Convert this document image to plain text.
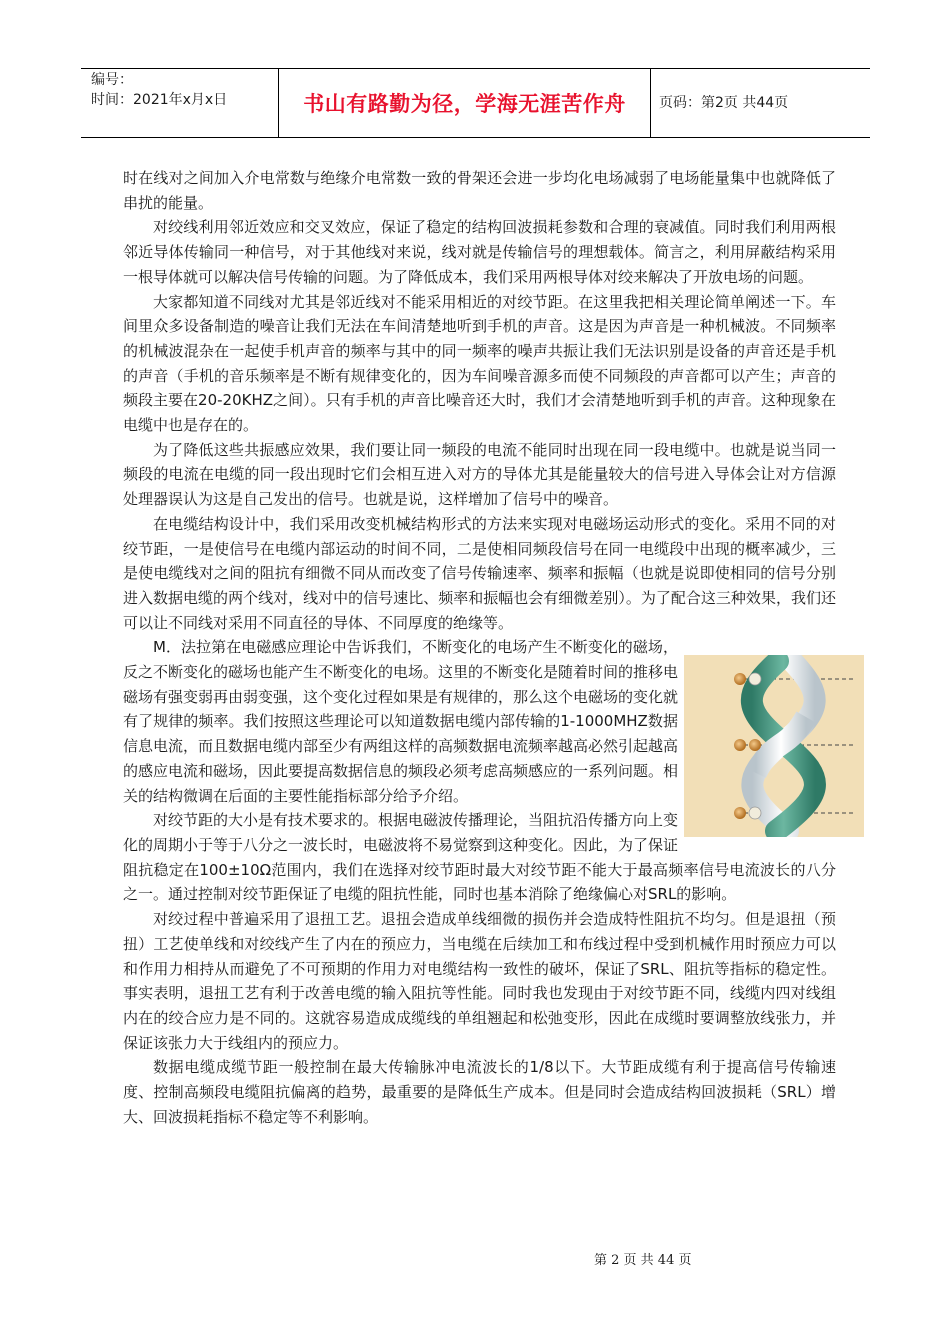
编号：
时间：2021年x月x日	书山有路勤为径，学海无涯苦作舟	页码：第2页 共44页

时在线对之间加入介电常数与绝缘介电常数一致的骨架还会进一步均化电场减弱了电场能量集中也就降低了串扰的能量。

对绞线利用邻近效应和交叉效应，保证了稳定的结构回波损耗参数和合理的衰减值。同时我们利用两根邻近导体传输同一种信号，对于其他线对来说，线对就是传输信号的理想载体。简言之，利用屏蔽结构采用一根导体就可以解决信号传输的问题。为了降低成本，我们采用两根导体对绞来解决了开放电场的问题。

大家都知道不同线对尤其是邻近线对不能采用相近的对绞节距。在这里我把相关理论简单阐述一下。车间里众多设备制造的噪音让我们无法在车间清楚地听到手机的声音。这是因为声音是一种机械波。不同频率的机械波混杂在一起使手机声音的频率与其中的同一频率的噪声共振让我们无法识别是设备的声音还是手机的声音（手机的音乐频率是不断有规律变化的，因为车间噪音源多而使不同频段的声音都可以产生；声音的频段主要在20-20KHZ之间）。只有手机的声音比噪音还大时，我们才会清楚地听到手机的声音。这种现象在电缆中也是存在的。

为了降低这些共振感应效果，我们要让同一频段的电流不能同时出现在同一段电缆中。也就是说当同一频段的电流在电缆的同一段出现时它们会相互进入对方的导体尤其是能量较大的信号进入导体会让对方信源处理器误认为这是自己发出的信号。也就是说，这样增加了信号中的噪音。

在电缆结构设计中，我们采用改变机械结构形式的方法来实现对电磁场运动形式的变化。采用不同的对绞节距，一是使信号在电缆内部运动的时间不同，二是使相同频段信号在同一电缆段中出现的概率减少，三是使电缆线对之间的阻抗有细微不同从而改变了信号传输速率、频率和振幅（也就是说即使相同的信号分别进入数据电缆的两个线对，线对中的信号速比、频率和振幅也会有细微差别）。为了配合这三种效果，我们还可以让不同线对采用不同直径的导体、不同厚度的绝缘等。

M．法拉第在电磁感应理论中告诉我们，不断变化的电场产生不断变化的磁场，反之不断变化的磁场也能产生不断变化的电场。这里的不断变化是随着时间的推移电磁场有强变弱再由弱变强，这个变化过程如果是有规律的，那么这个电磁场的变化就有了规律的频率。我们按照这些理论可以知道数据电缆内部传输的1-1000MHZ数据信息电流，而且数据电缆内部至少有两组这样的高频数据电流频率越高必然引起越高的感应电流和磁场，因此要提高数据信息的频段必须考虑高频感应的一系列问题。相关的结构微调在后面的主要性能指标部分给予介绍。

对绞节距的大小是有技术要求的。根据电磁波传播理论，当阻抗沿传播方向上变化的周期小于等于八分之一波长时，电磁波将不易觉察到这种变化。因此，为了保证阻抗稳定在100±10Ω范围内，我们在选择对绞节距时最大对绞节距不能大于最高频率信号电流波长的八分之一。通过控制对绞节距保证了电缆的阻抗性能，同时也基本消除了绝缘偏心对SRL的影响。

对绞过程中普遍采用了退扭工艺。退扭会造成单线细微的损伤并会造成特性阻抗不均匀。但是退扭（预扭）工艺使单线和对绞线产生了内在的预应力，当电缆在后续加工和布线过程中受到机械作用时预应力可以和作用力相持从而避免了不可预期的作用力对电缆结构一致性的破坏，保证了SRL、阻抗等指标的稳定性。事实表明，退扭工艺有利于改善电缆的输入阻抗等性能。同时我也发现由于对绞节距不同，线缆内四对线组内在的绞合应力是不同的。这就容易造成成缆线的单组翘起和松弛变形，因此在成缆时要调整放线张力，并保证该张力大于线组内的预应力。

数据电缆成缆节距一般控制在最大传输脉冲电流波长的1/8以下。大节距成缆有利于提高信号传输速度、控制高频段电缆阻抗偏离的趋势，最重要的是降低生产成本。但是同时会造成结构回波损耗（SRL）增大、回波损耗指标不稳定等不利影响。

第 2 页 共 44 页
